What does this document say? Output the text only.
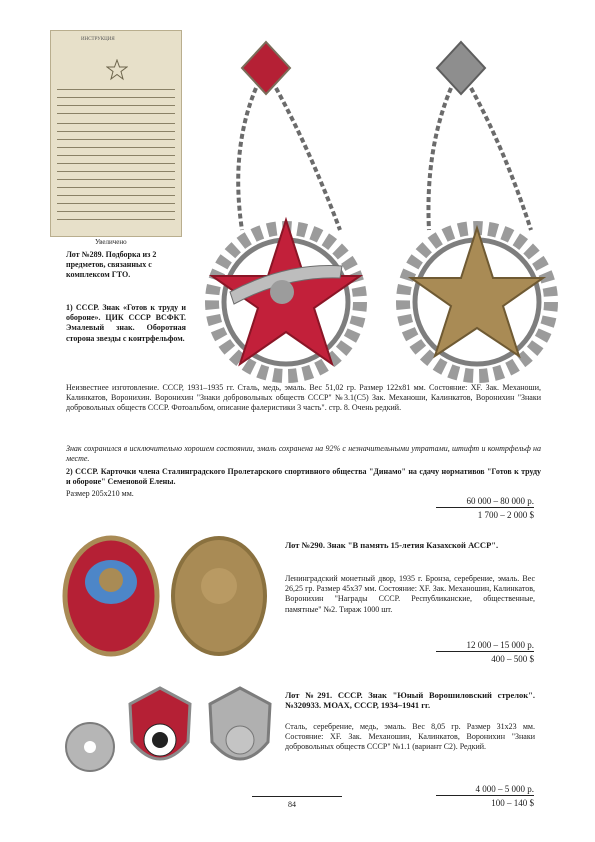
ИНСТРУКЦИЯ
Увеличено
Лот №289. Подборка из 2 предметов, связанных с комплексом ГТО.
1) СССР. Знак «Готов к труду и обороне». ЦИК СССР ВСФКТ. Эмалевый знак. Оборотная сторона звезды с контрфельфом.
Неизвестнее изготовление. СССР, 1931–1935 гг. Сталь, медь, эмаль. Вес 51,02 гр. Размер 122х81 мм. Состояние: ХF. Зак. Механоши, Калинкатов, Воронихин. Воронихин "Знаки добровольных обществ СССР" №3.1(С5) Зак. Механоши, Калинкатов, Воронихин "Знаки добровольных обществ СССР. Фотоальбом, описание фалеристики 3 часть". стр. 8. Очень редкий.
Знак сохранился в исключительно хорошем состоянии, эмаль сохранена на 92% с незначительными утратами, штифт и контрфельф на месте.
2) СССР. Карточки члена Сталинградского Пролетарского спортивного общества "Динамо" на сдачу нормативов "Готов к труду и обороне" Семеновой Елены.
Размер 205х210 мм.
60 000 – 80 000 р.
1 700 – 2 000 $
Лот №290. Знак "В память 15-летия Казахской АССР".
Ленинградский монетный двор, 1935 г. Бронза, серебрение, эмаль. Вес 26,25 гр. Размер 45х37 мм. Состояние: ХF. Зак. Механошин, Калинкатов, Воронихин "Награды СССР. Республиканские, общественные, памятные" №2. Тираж 1000 шт.
12 000 – 15 000 р.
400 – 500 $
Лот №291. СССР. Знак "Юный Ворошиловский стрелок". №320933. МОАХ, СССР, 1934–1941 гг.
Сталь, серебрение, медь, эмаль. Вес 8,05 гр. Размер 31х23 мм. Состояние: ХF. Зак. Механошин, Калинкатов, Воронихин "Знаки добровольных обществ СССР" №1.1 (вариант С2). Редкий.
4 000 – 5 000 р.
100 – 140 $
84
